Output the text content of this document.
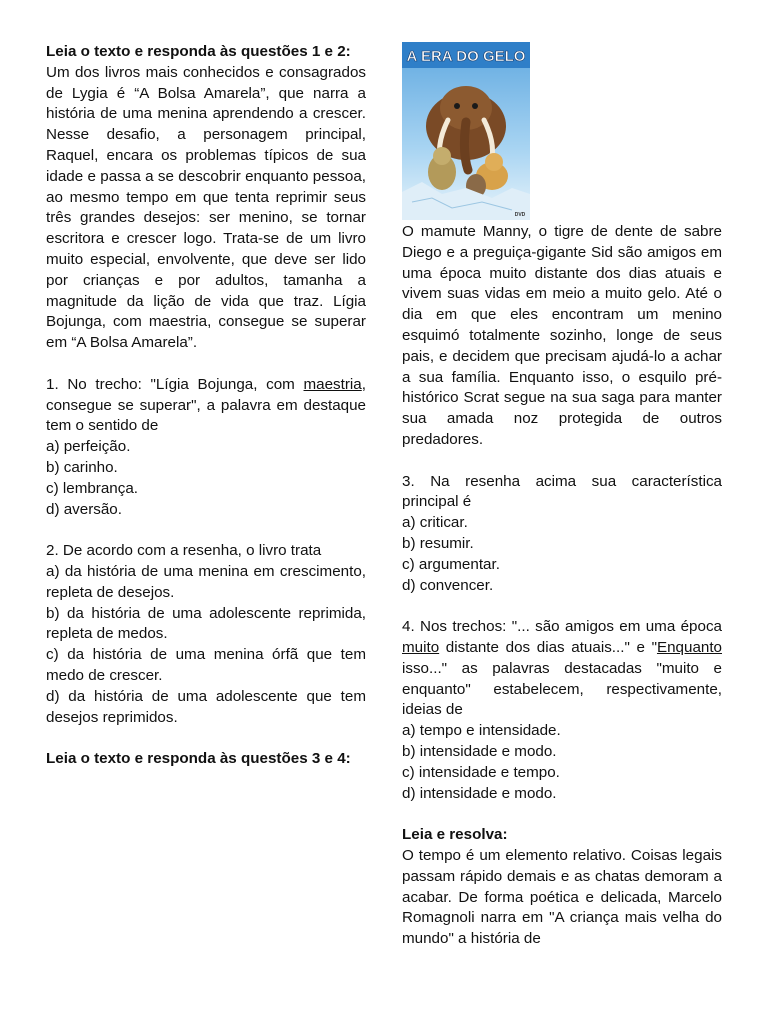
Leia o texto e responda às questões 1 e 2:

Um dos livros mais conhecidos e consagrados de Lygia é “A Bolsa Amarela”, que narra a história de uma menina aprendendo a crescer. Nesse desafio, a personagem principal, Raquel, encara os problemas típicos de sua idade e passa a se descobrir enquanto pessoa, ao mesmo tempo em que tenta reprimir seus três grandes desejos: ser menino, se tornar escritora e crescer logo. Trata-se de um livro muito especial, envolvente, que deve ser lido por crianças e por adultos, tamanha a magnitude da lição de vida que traz. Lígia Bojunga, com maestria, consegue se superar em “A Bolsa Amarela”.

1. No trecho: "Lígia Bojunga, com maestria, consegue se superar", a palavra em destaque tem o sentido de

a) perfeição.
b) carinho.
c) lembrança.
d) aversão.

2. De acordo com a resenha, o livro trata

a) da história de uma menina em crescimento, repleta de desejos.

b) da história de uma adolescente reprimida, repleta de medos.

c) da história de uma menina órfã que tem medo de crescer.

d) da história de uma adolescente que tem desejos reprimidos.

Leia o texto e responda às questões 3 e 4:

A ERA DO GELO
DVD

O mamute Manny, o tigre de dente de sabre Diego e a preguiça-gigante Sid são amigos em uma época muito distante dos dias atuais e vivem suas vidas em meio a muito gelo. Até o dia em que eles encontram um menino esquimó totalmente sozinho, longe de seus pais, e decidem que precisam ajudá-lo a achar a sua família. Enquanto isso, o esquilo pré-histórico Scrat segue na sua saga para manter sua amada noz protegida de outros predadores.

3. Na resenha acima sua característica principal é

a) criticar.
b) resumir.
c) argumentar.
d) convencer.

4. Nos trechos: "... são amigos em uma época muito distante dos dias atuais..." e "Enquanto isso..." as palavras destacadas "muito e enquanto" estabelecem, respectivamente, ideias de

a) tempo e intensidade.
b) intensidade e modo.
c) intensidade e tempo.
d) intensidade e modo.

Leia e resolva:

O tempo é um elemento relativo. Coisas legais passam rápido demais e as chatas demoram a acabar. De forma poética e delicada, Marcelo Romagnoli narra em "A criança mais velha do mundo" a história de
